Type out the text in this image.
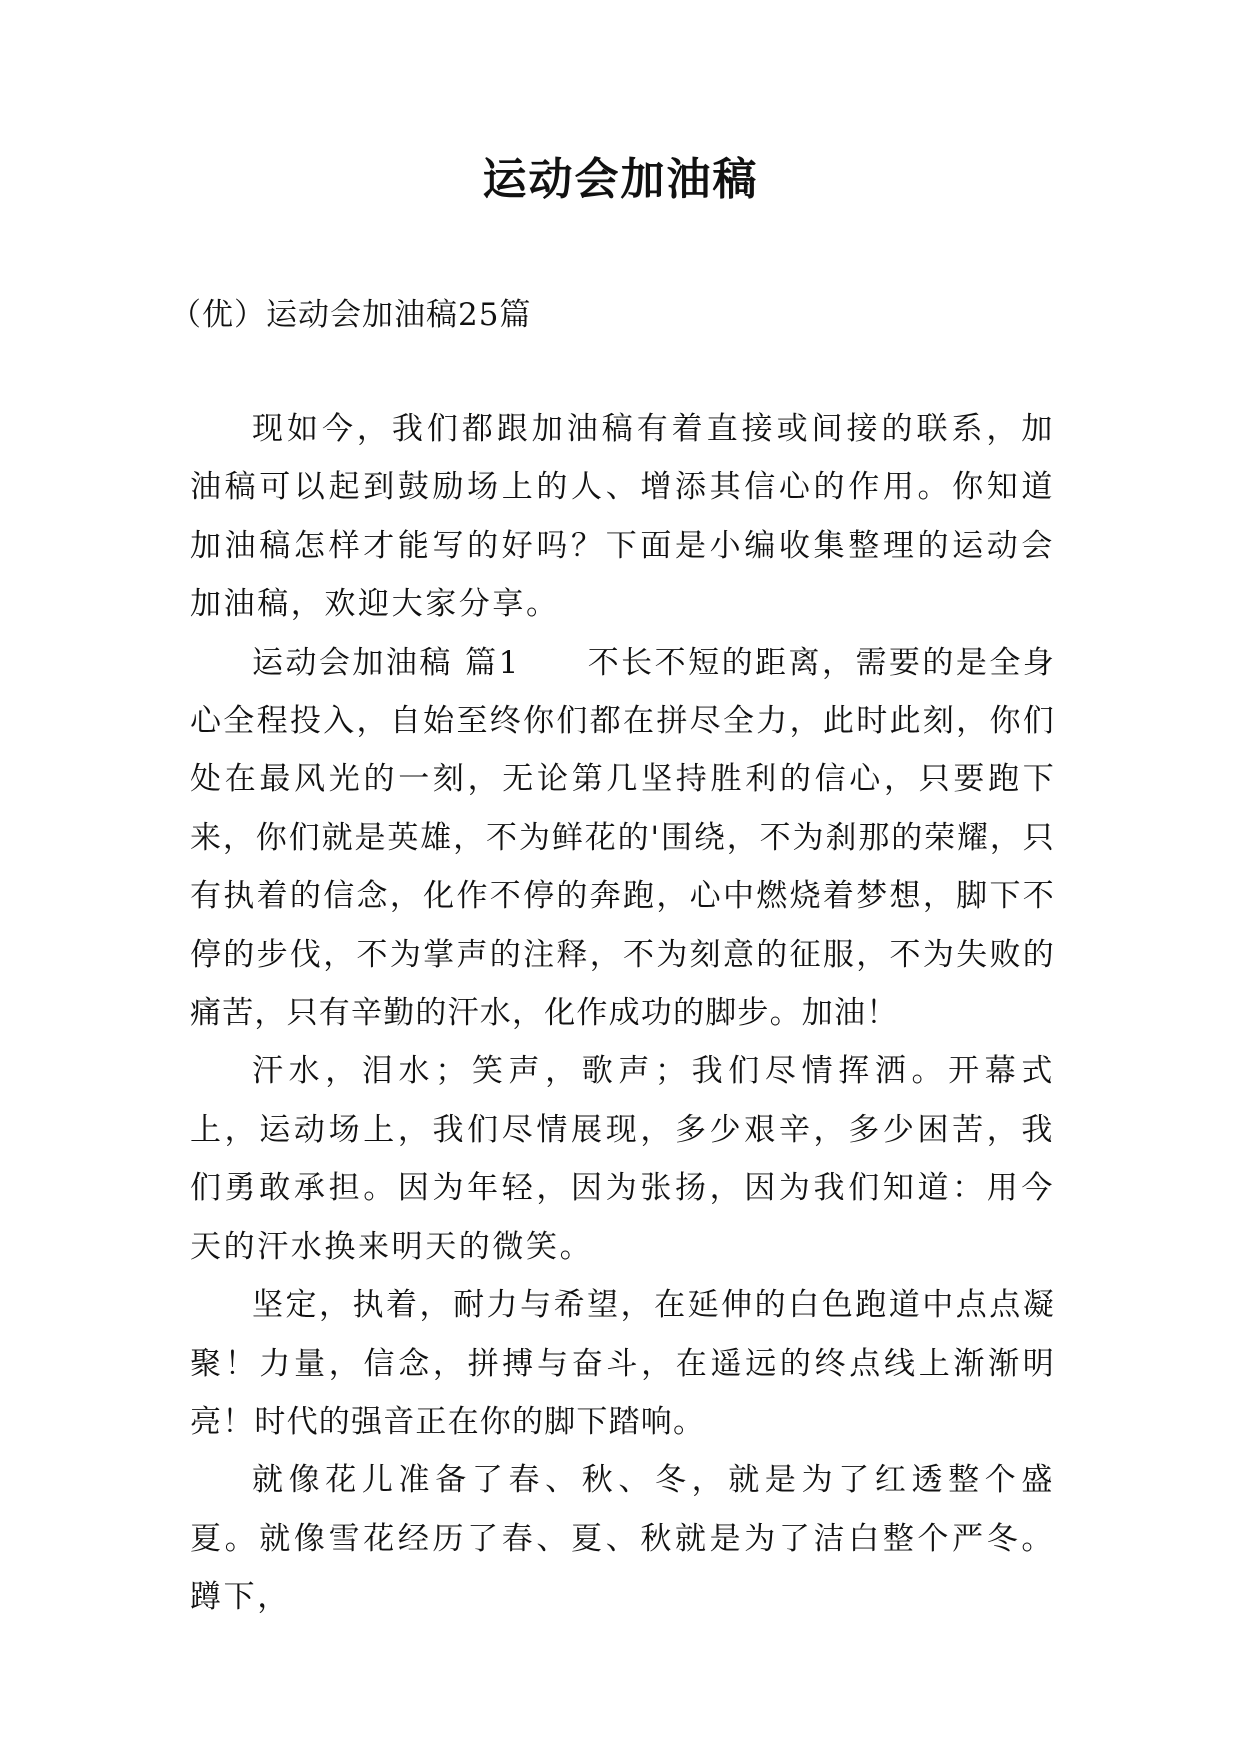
运动会加油稿

（优）运动会加油稿25篇

现如今，我们都跟加油稿有着直接或间接的联系，加油稿可以起到鼓励场上的人、增添其信心的作用。你知道加油稿怎样才能写的好吗？下面是小编收集整理的运动会加油稿，欢迎大家分享。

运动会加油稿 篇1　　不长不短的距离，需要的是全身心全程投入，自始至终你们都在拼尽全力，此时此刻，你们处在最风光的一刻，无论第几坚持胜利的信心，只要跑下来，你们就是英雄，不为鲜花的'围绕，不为刹那的荣耀，只有执着的信念，化作不停的奔跑，心中燃烧着梦想，脚下不停的步伐，不为掌声的注释，不为刻意的征服，不为失败的痛苦，只有辛勤的汗水，化作成功的脚步。加油！

汗水，泪水；笑声，歌声；我们尽情挥洒。开幕式上，运动场上，我们尽情展现，多少艰辛，多少困苦，我们勇敢承担。因为年轻，因为张扬，因为我们知道：用今天的汗水换来明天的微笑。

坚定，执着，耐力与希望，在延伸的白色跑道中点点凝聚！力量，信念，拼搏与奋斗，在遥远的终点线上渐渐明亮！时代的强音正在你的脚下踏响。

就像花儿准备了春、秋、冬，就是为了红透整个盛夏。就像雪花经历了春、夏、秋就是为了洁白整个严冬。蹲下，
